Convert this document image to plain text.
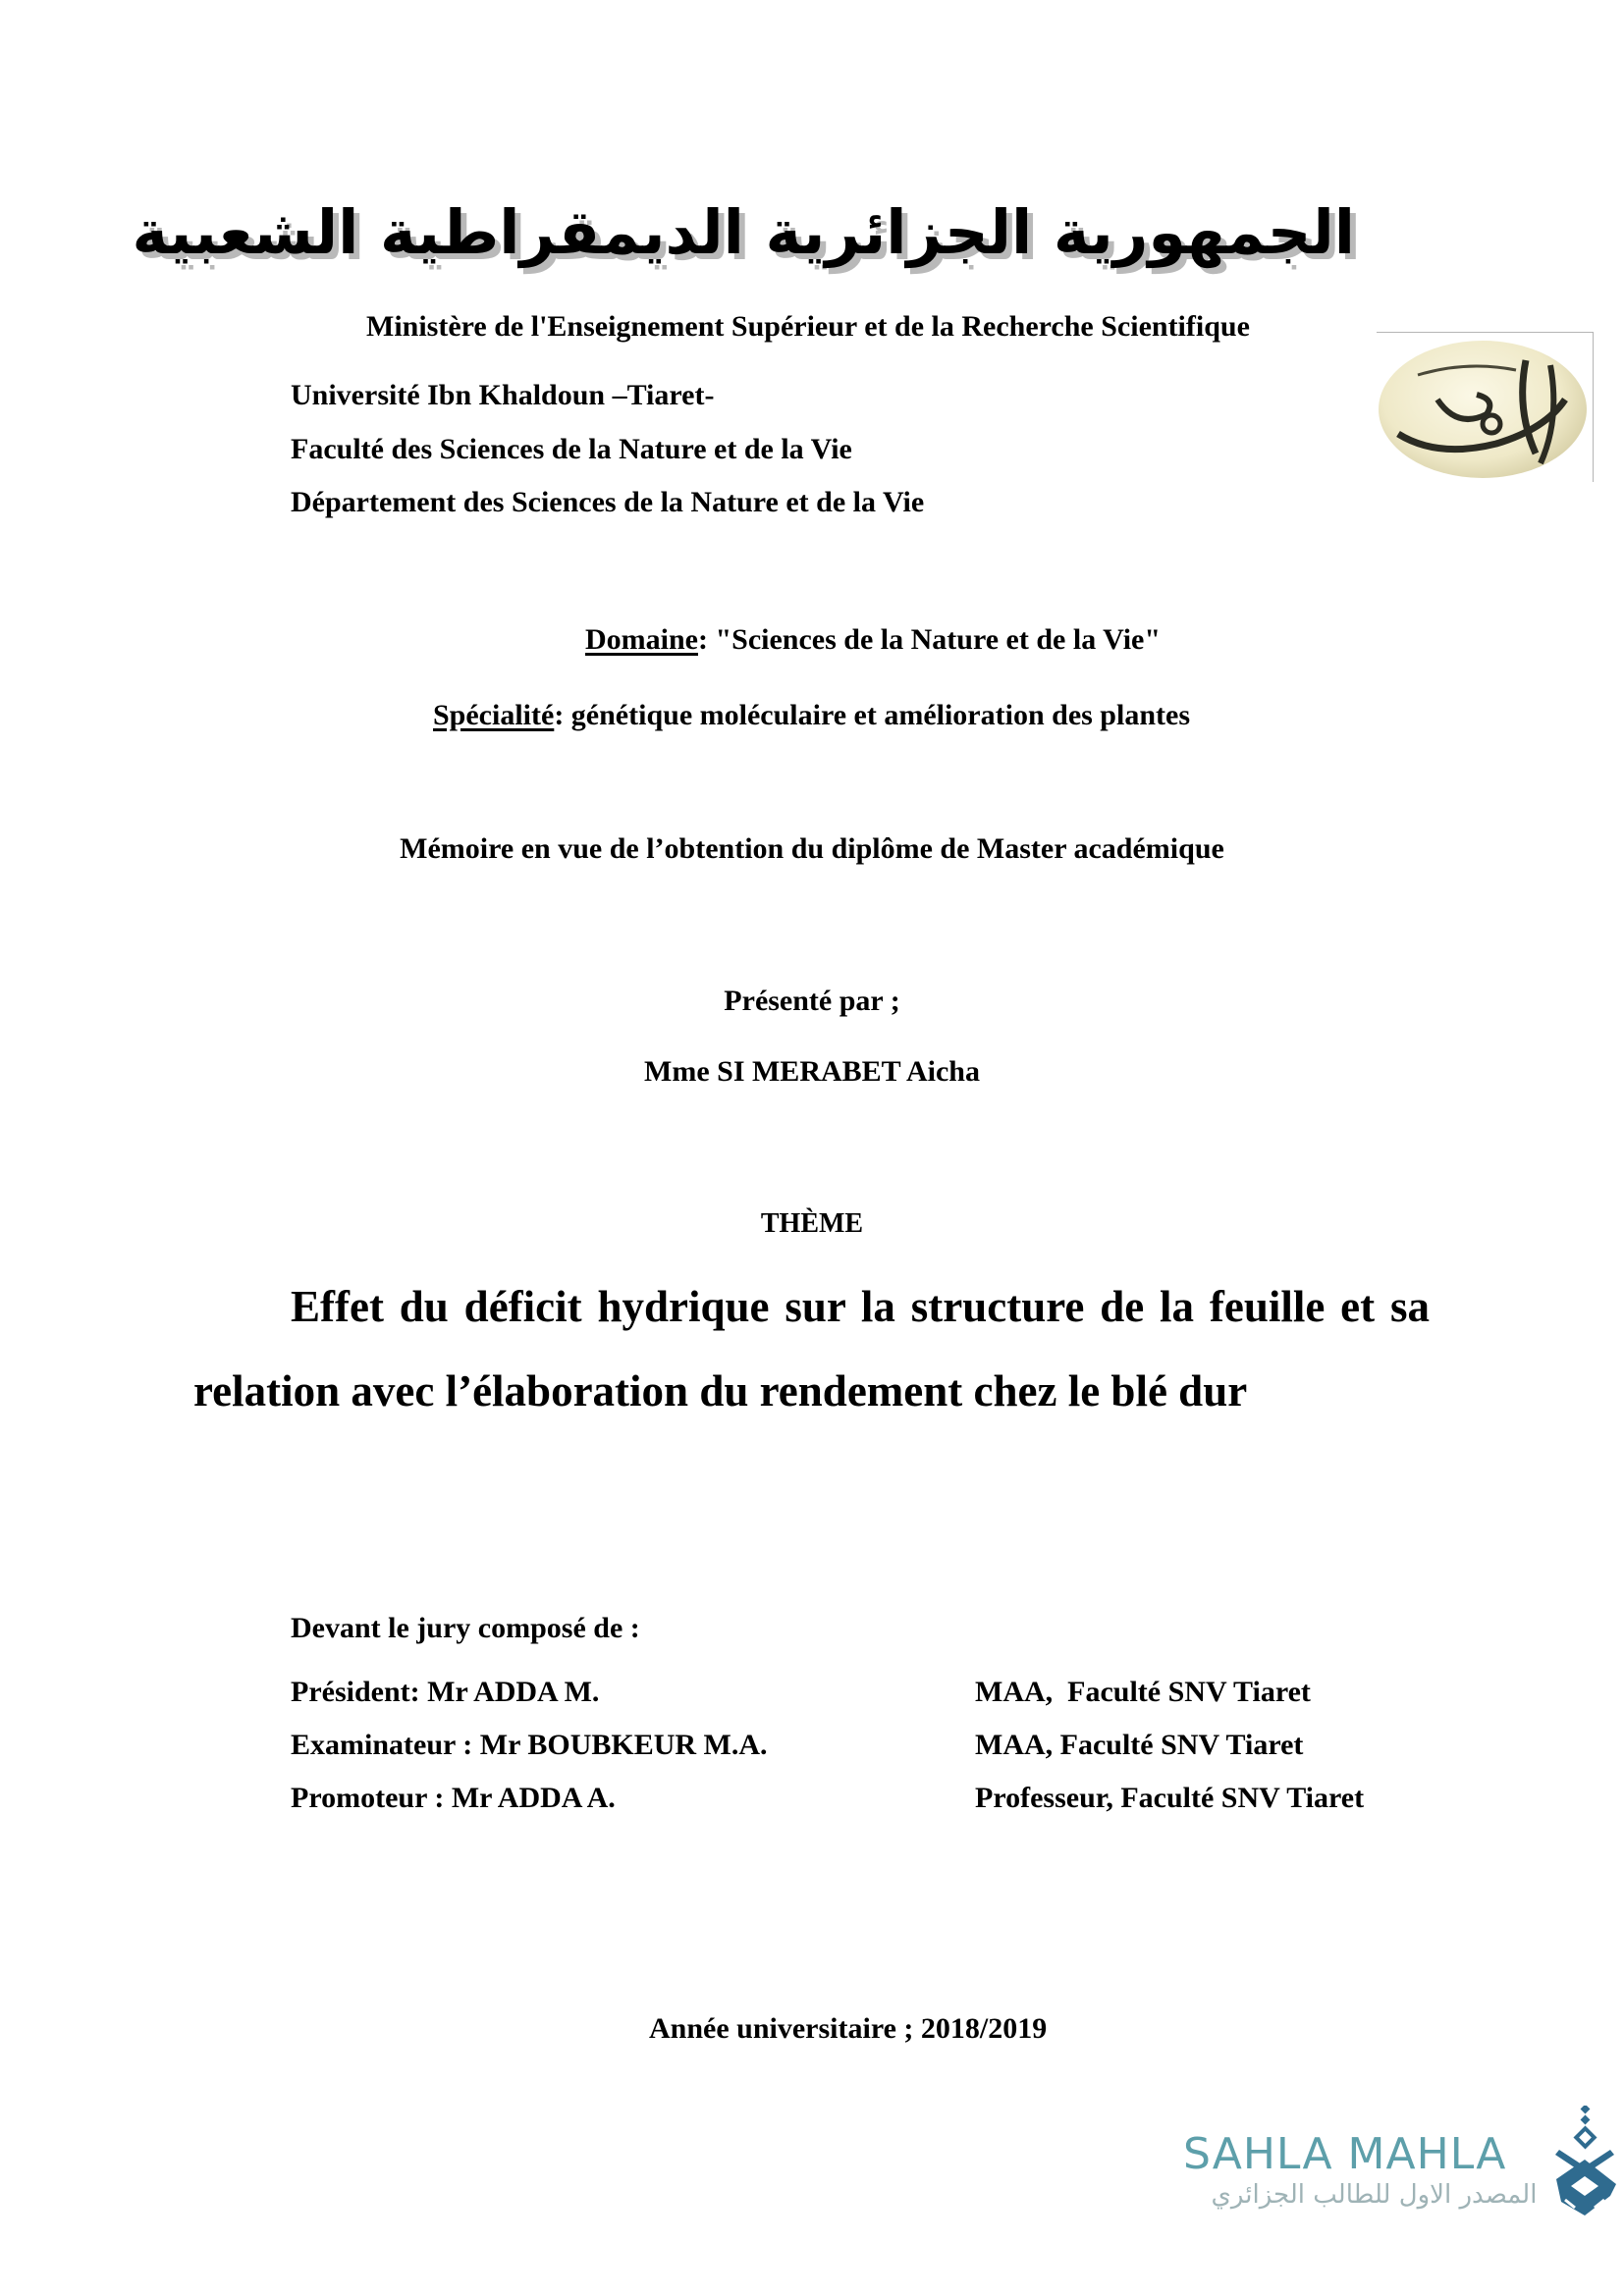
الجمهورية الجزائرية الديمقراطية الشعبية
Ministère de l'Enseignement Supérieur et de la Recherche Scientifique
Université Ibn Khaldoun –Tiaret-
Faculté des Sciences de la Nature et de la Vie
Département des Sciences de la Nature et de la Vie
Domaine: "Sciences de la Nature et de la Vie"
Spécialité: génétique moléculaire et amélioration des plantes
Mémoire en vue de l’obtention du diplôme de Master académique
Présenté par ;
Mme SI MERABET Aicha
THÈME
Effet du déficit hydrique sur la structure de la feuille et sa relation avec l’élaboration du rendement chez le blé dur
Devant le jury composé de :
Président: Mr ADDA M.	MAA,  Faculté SNV Tiaret
Examinateur : Mr BOUBKEUR M.A.	MAA, Faculté SNV Tiaret
Promoteur : Mr ADDA A.	Professeur, Faculté SNV Tiaret
Année universitaire ; 2018/2019
SAHLA MAHLA
المصدر الاول للطالب الجزائري
